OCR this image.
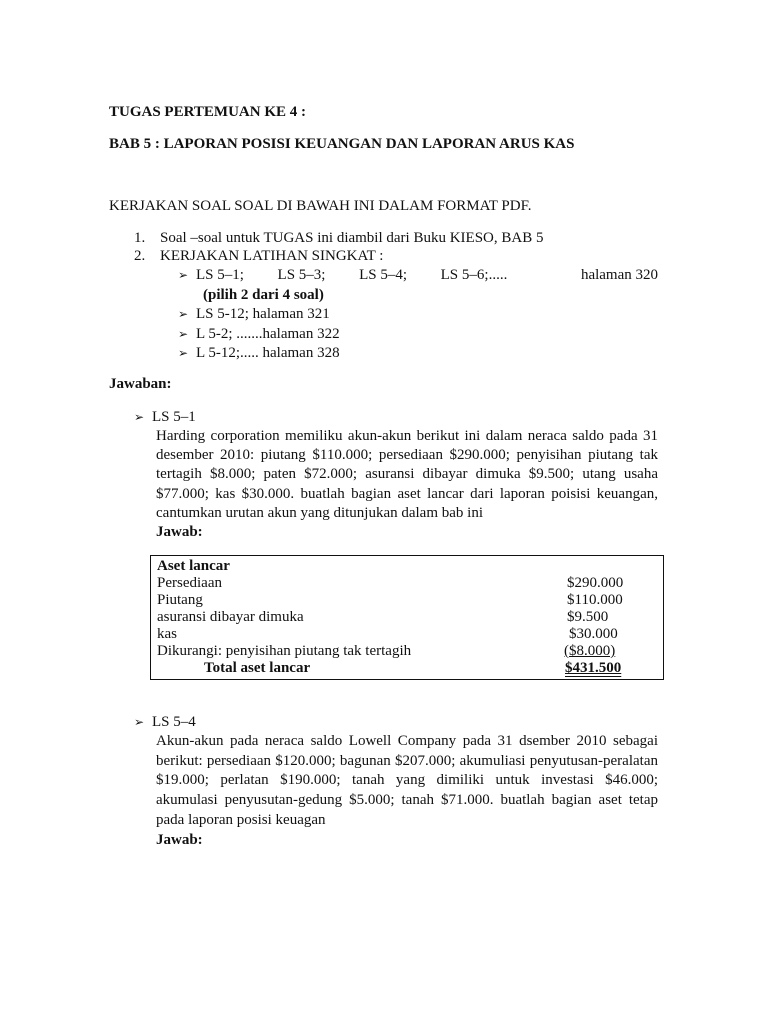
TUGAS PERTEMUAN KE 4 :
BAB 5 : LAPORAN POSISI KEUANGAN DAN LAPORAN ARUS KAS
KERJAKAN SOAL SOAL DI BAWAH INI DALAM FORMAT PDF.
1. Soal –soal untuk TUGAS ini diambil dari Buku KIESO, BAB 5
2. KERJAKAN LATIHAN SINGKAT :
➢ LS 5–1; LS 5–3; LS 5–4; LS 5–6;.....	halaman 320
(pilih 2 dari 4 soal)
➢ LS 5-12; halaman 321
➢ L 5-2; .......halaman 322
➢ L 5-12;..... halaman 328
Jawaban:
➢ LS 5–1
Harding corporation memiliku akun-akun berikut ini dalam neraca saldo pada 31 desember 2010: piutang $110.000; persediaan $290.000; penyisihan piutang tak tertagih $8.000; paten $72.000; asuransi dibayar dimuka $9.500; utang usaha $77.000; kas $30.000. buatlah bagian aset lancar dari laporan poisisi keuangan, cantumkan urutan akun yang ditunjukan dalam bab ini
Jawab:
Aset lancar
Persediaan	$290.000
Piutang	$110.000
asuransi dibayar dimuka	$9.500
kas	$30.000
Dikurangi: penyisihan piutang tak tertagih	($8.000)
Total aset lancar	$431.500
➢ LS 5–4
Akun-akun pada neraca saldo Lowell Company pada 31 dsember 2010 sebagai berikut: persediaan $120.000; bagunan $207.000; akumuliasi penyutusan-peralatan $19.000; perlatan $190.000; tanah yang dimiliki untuk investasi $46.000; akumulasi penyusutan-gedung $5.000; tanah $71.000. buatlah bagian aset tetap pada laporan posisi keuagan
Jawab:
